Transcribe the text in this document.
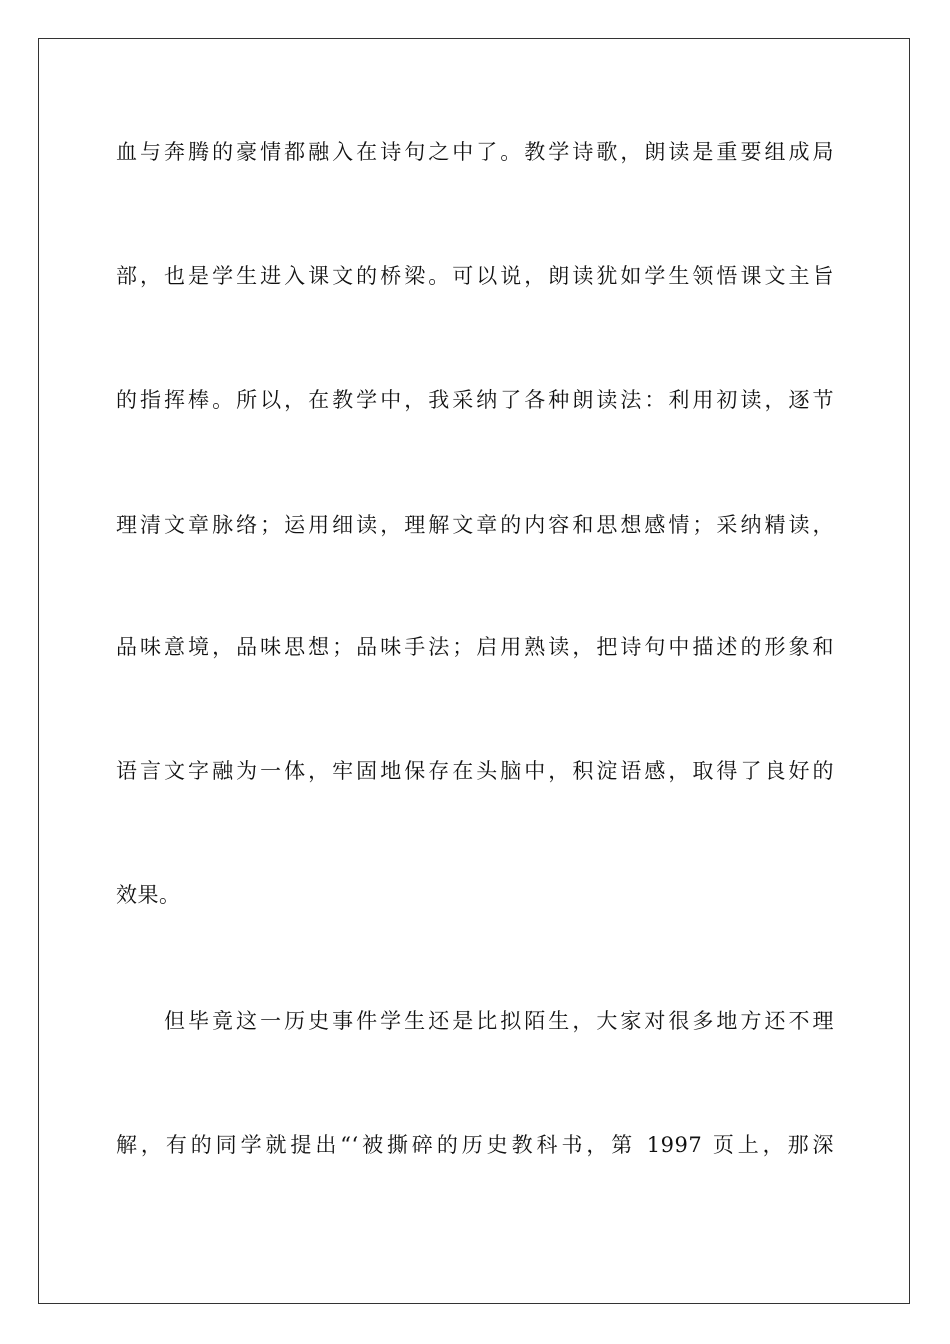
血与奔腾的豪情都融入在诗句之中了。教学诗歌，朗读是重要组成局
部，也是学生进入课文的桥梁。可以说，朗读犹如学生领悟课文主旨
的指挥棒。所以，在教学中，我采纳了各种朗读法：利用初读，逐节
理清文章脉络；运用细读，理解文章的内容和思想感情；采纳精读，
品味意境，品味思想；品味手法；启用熟读，把诗句中描述的形象和
语言文字融为一体，牢固地保存在头脑中，积淀语感，取得了良好的
效果。
但毕竟这一历史事件学生还是比拟陌生，大家对很多地方还不理
解，有的同学就提出“‘被撕碎的历史教科书，第 1997 页上，那深
